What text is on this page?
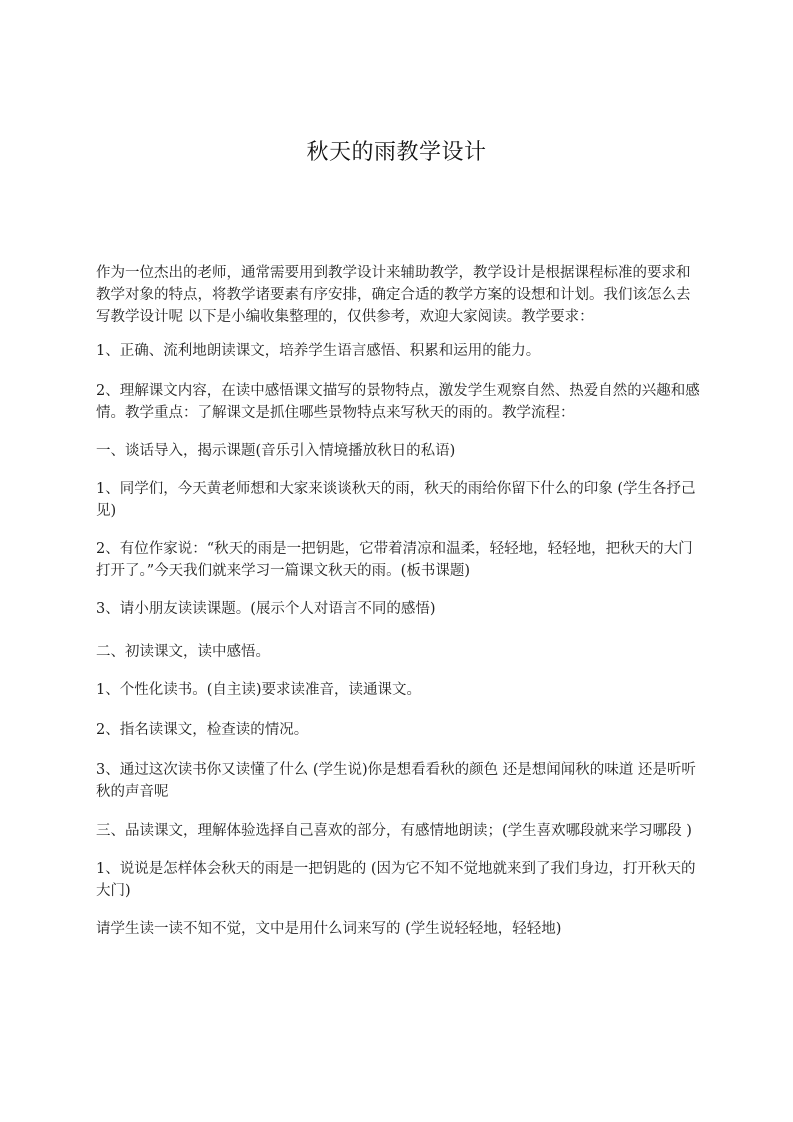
秋天的雨教学设计

作为一位杰出的老师，通常需要用到教学设计来辅助教学，教学设计是根据课程标准的要求和教学对象的特点，将教学诸要素有序安排，确定合适的教学方案的设想和计划。我们该怎么去写教学设计呢 以下是小编收集整理的，仅供参考，欢迎大家阅读。教学要求：

1、正确、流利地朗读课文，培养学生语言感悟、积累和运用的能力。

2、理解课文内容，在读中感悟课文描写的景物特点，激发学生观察自然、热爱自然的兴趣和感情。教学重点：了解课文是抓住哪些景物特点来写秋天的雨的。教学流程：

一、谈话导入，揭示课题(音乐引入情境播放秋日的私语)

1、同学们，今天黄老师想和大家来谈谈秋天的雨，秋天的雨给你留下什么的印象 (学生各抒己见)

2、有位作家说：“秋天的雨是一把钥匙，它带着清凉和温柔，轻轻地，轻轻地，把秋天的大门打开了。”今天我们就来学习一篇课文秋天的雨。(板书课题)

3、请小朋友读读课题。(展示个人对语言不同的感悟)

二、初读课文，读中感悟。

1、个性化读书。(自主读)要求读准音，读通课文。

2、指名读课文，检查读的情况。

3、通过这次读书你又读懂了什么 (学生说)你是想看看秋的颜色 还是想闻闻秋的味道 还是听听秋的声音呢

三、品读课文，理解体验选择自己喜欢的部分，有感情地朗读；(学生喜欢哪段就来学习哪段 )

1、说说是怎样体会秋天的雨是一把钥匙的 (因为它不知不觉地就来到了我们身边，打开秋天的大门)

请学生读一读不知不觉，文中是用什么词来写的 (学生说轻轻地，轻轻地)
